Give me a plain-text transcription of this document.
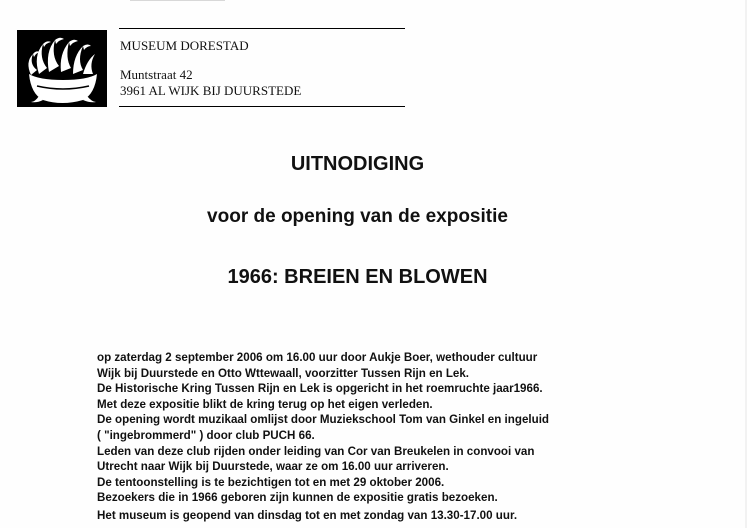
MUSEUM DORESTAD
Muntstraat 42
3961 AL WIJK BIJ DUURSTEDE
UITNODIGING
voor de opening van de expositie
1966: BREIEN EN BLOWEN
op zaterdag 2 september 2006 om 16.00 uur door Aukje Boer, wethouder cultuur
Wijk bij Duurstede en Otto Wttewaall, voorzitter Tussen Rijn en Lek.
De Historische Kring Tussen Rijn en Lek is opgericht in het roemruchte jaar1966.
Met deze expositie blikt de kring terug op het eigen verleden.
De opening wordt muzikaal omlijst door Muziekschool Tom van Ginkel en ingeluid
( "ingebrommerd" ) door club PUCH 66.
Leden van deze club rijden onder leiding van Cor van Breukelen in convooi van
Utrecht naar Wijk bij Duurstede, waar ze om 16.00 uur arriveren.
De tentoonstelling is te bezichtigen tot en met 29 oktober 2006.
Bezoekers die in 1966 geboren zijn kunnen de expositie gratis bezoeken.
Het museum is geopend van dinsdag tot en met zondag van 13.30-17.00 uur.
